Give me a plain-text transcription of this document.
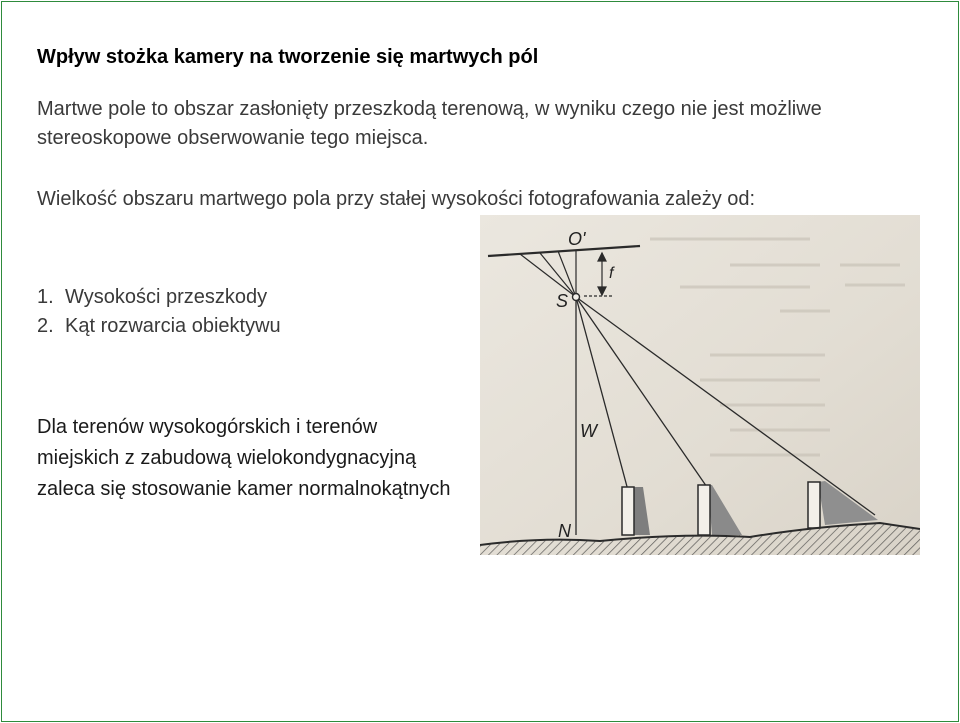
Wpływ stożka kamery na tworzenie się martwych pól
Martwe pole to obszar zasłonięty przeszkodą terenową, w wyniku czego nie jest możliwe stereoskopowe obserwowanie tego miejsca.
Wielkość obszaru martwego pola przy stałej wysokości fotografowania zależy od:
1. Wysokości przeszkody
2. Kąt rozwarcia obiektywu
Dla terenów wysokogórskich i terenów miejskich z zabudową wielokondygnacyjną zaleca się stosowanie kamer normalnokątnych
O'
f
S
W
N
